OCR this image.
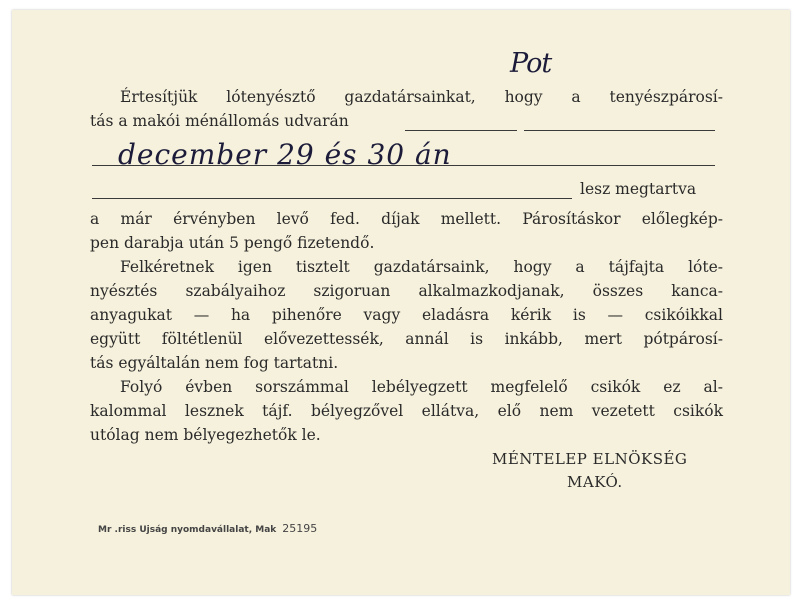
Pot
Értesítjük lótenyésztő gazdatársainkat, hogy a tenyészpárosí-
tás a makói ménállomás udvarán
december 29 és 30 án
lesz megtartva
a már érvényben levő fed. díjak mellett. Párosításkor előlegkép-
pen darabja után 5 pengő fizetendő.
Felkéretnek igen tisztelt gazdatársaink, hogy a tájfajta lóte-
nyésztés szabályaihoz szigoruan alkalmazkodjanak, összes kanca-
anyagukat — ha pihenőre vagy eladásra kérik is — csikóikkal
együtt föltétlenül elővezettessék, annál is inkább, mert pótpárosí-
tás egyáltalán nem fog tartatni.
Folyó évben sorszámmal lebélyegzett megfelelő csikók ez al-
kalommal lesznek tájf. bélyegzővel ellátva, elő nem vezetett csikók
utólag nem bélyegezhetők le.
MÉNTELEP ELNÖKSÉG
MAKÓ.
Mr .riss Ujság nyomdavállalat, Mak 25195
